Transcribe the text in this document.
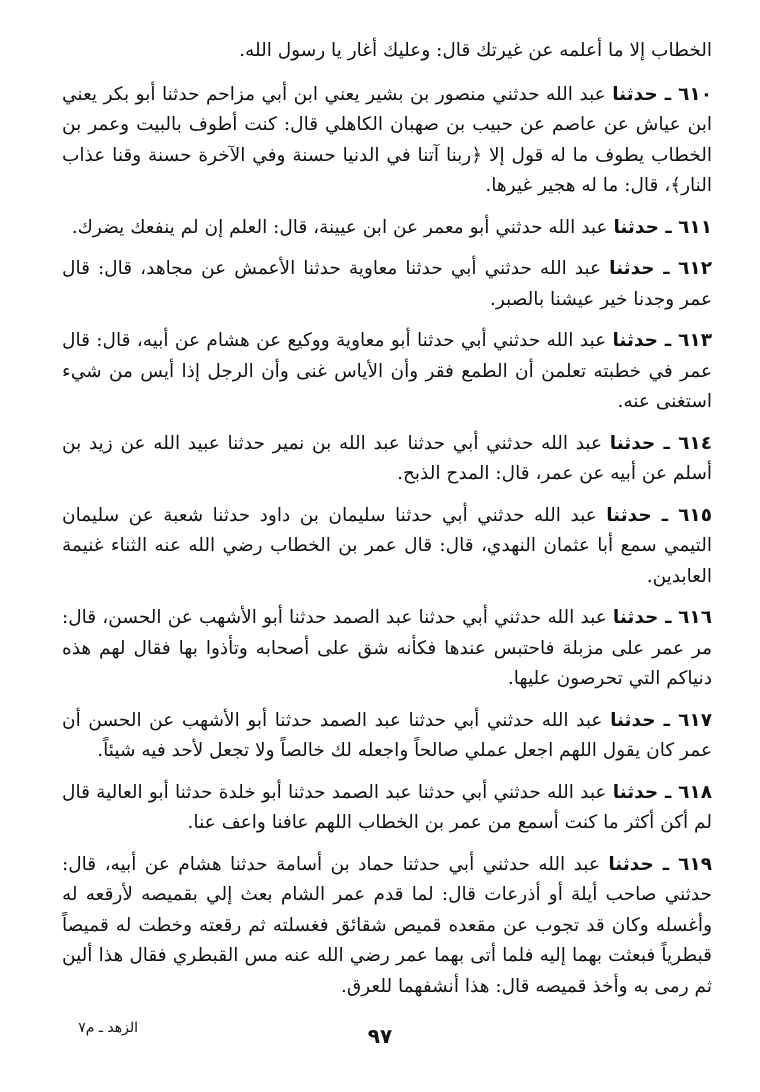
الخطاب إلا ما أعلمه عن غيرتك قال: وعليك أغار يا رسول الله.

٦١٠ ـ حدثنا عبد الله حدثني منصور بن بشير يعني ابن أبي مزاحم حدثنا أبو بكر يعني ابن عياش عن عاصم عن حبيب بن صهبان الكاهلي قال: كنت أطوف بالبيت وعمر بن الخطاب يطوف ما له قول إلا ﴿ربنا آتنا في الدنيا حسنة وفي الآخرة حسنة وقنا عذاب النار﴾، قال: ما له هجير غيرها.

٦١١ ـ حدثنا عبد الله حدثني أبو معمر عن ابن عيينة، قال: العلم إن لم ينفعك يضرك.

٦١٢ ـ حدثنا عبد الله حدثني أبي حدثنا معاوية حدثنا الأعمش عن مجاهد، قال: قال عمر وجدنا خير عيشنا بالصبر.

٦١٣ ـ حدثنا عبد الله حدثني أبي حدثنا أبو معاوية ووكيع عن هشام عن أبيه، قال: قال عمر في خطبته تعلمن أن الطمع فقر وأن الأياس غنى وأن الرجل إذا أيس من شيء استغنى عنه.

٦١٤ ـ حدثنا عبد الله حدثني أبي حدثنا عبد الله بن نمير حدثنا عبيد الله عن زيد بن أسلم عن أبيه عن عمر، قال: المدح الذبح.

٦١٥ ـ حدثنا عبد الله حدثني أبي حدثنا سليمان بن داود حدثنا شعبة عن سليمان التيمي سمع أبا عثمان النهدي، قال: قال عمر بن الخطاب رضي الله عنه الثناء غنيمة العابدين.

٦١٦ ـ حدثنا عبد الله حدثني أبي حدثنا عبد الصمد حدثنا أبو الأشهب عن الحسن، قال: مر عمر على مزبلة فاحتبس عندها فكأنه شق على أصحابه وتأذوا بها فقال لهم هذه دنياكم التي تحرصون عليها.

٦١٧ ـ حدثنا عبد الله حدثني أبي حدثنا عبد الصمد حدثنا أبو الأشهب عن الحسن أن عمر كان يقول اللهم اجعل عملي صالحاً واجعله لك خالصاً ولا تجعل لأحد فيه شيئاً.

٦١٨ ـ حدثنا عبد الله حدثني أبي حدثنا عبد الصمد حدثنا أبو خلدة حدثنا أبو العالية قال لم أكن أكثر ما كنت أسمع من عمر بن الخطاب اللهم عافنا واعف عنا.

٦١٩ ـ حدثنا عبد الله حدثني أبي حدثنا حماد بن أسامة حدثنا هشام عن أبيه، قال: حدثني صاحب أيلة أو أذرعات قال: لما قدم عمر الشام بعث إلي بقميصه لأرقعه له وأغسله وكان قد تجوب عن مقعده قميص شقائق فغسلته ثم رقعته وخطت له قميصاً قبطرياً فبعثت بهما إليه فلما أتى بهما عمر رضي الله عنه مس القبطري فقال هذا ألين ثم رمى به وأخذ قميصه قال: هذا أنشفهما للعرق.

الزهد ـ م٧	٩٧
